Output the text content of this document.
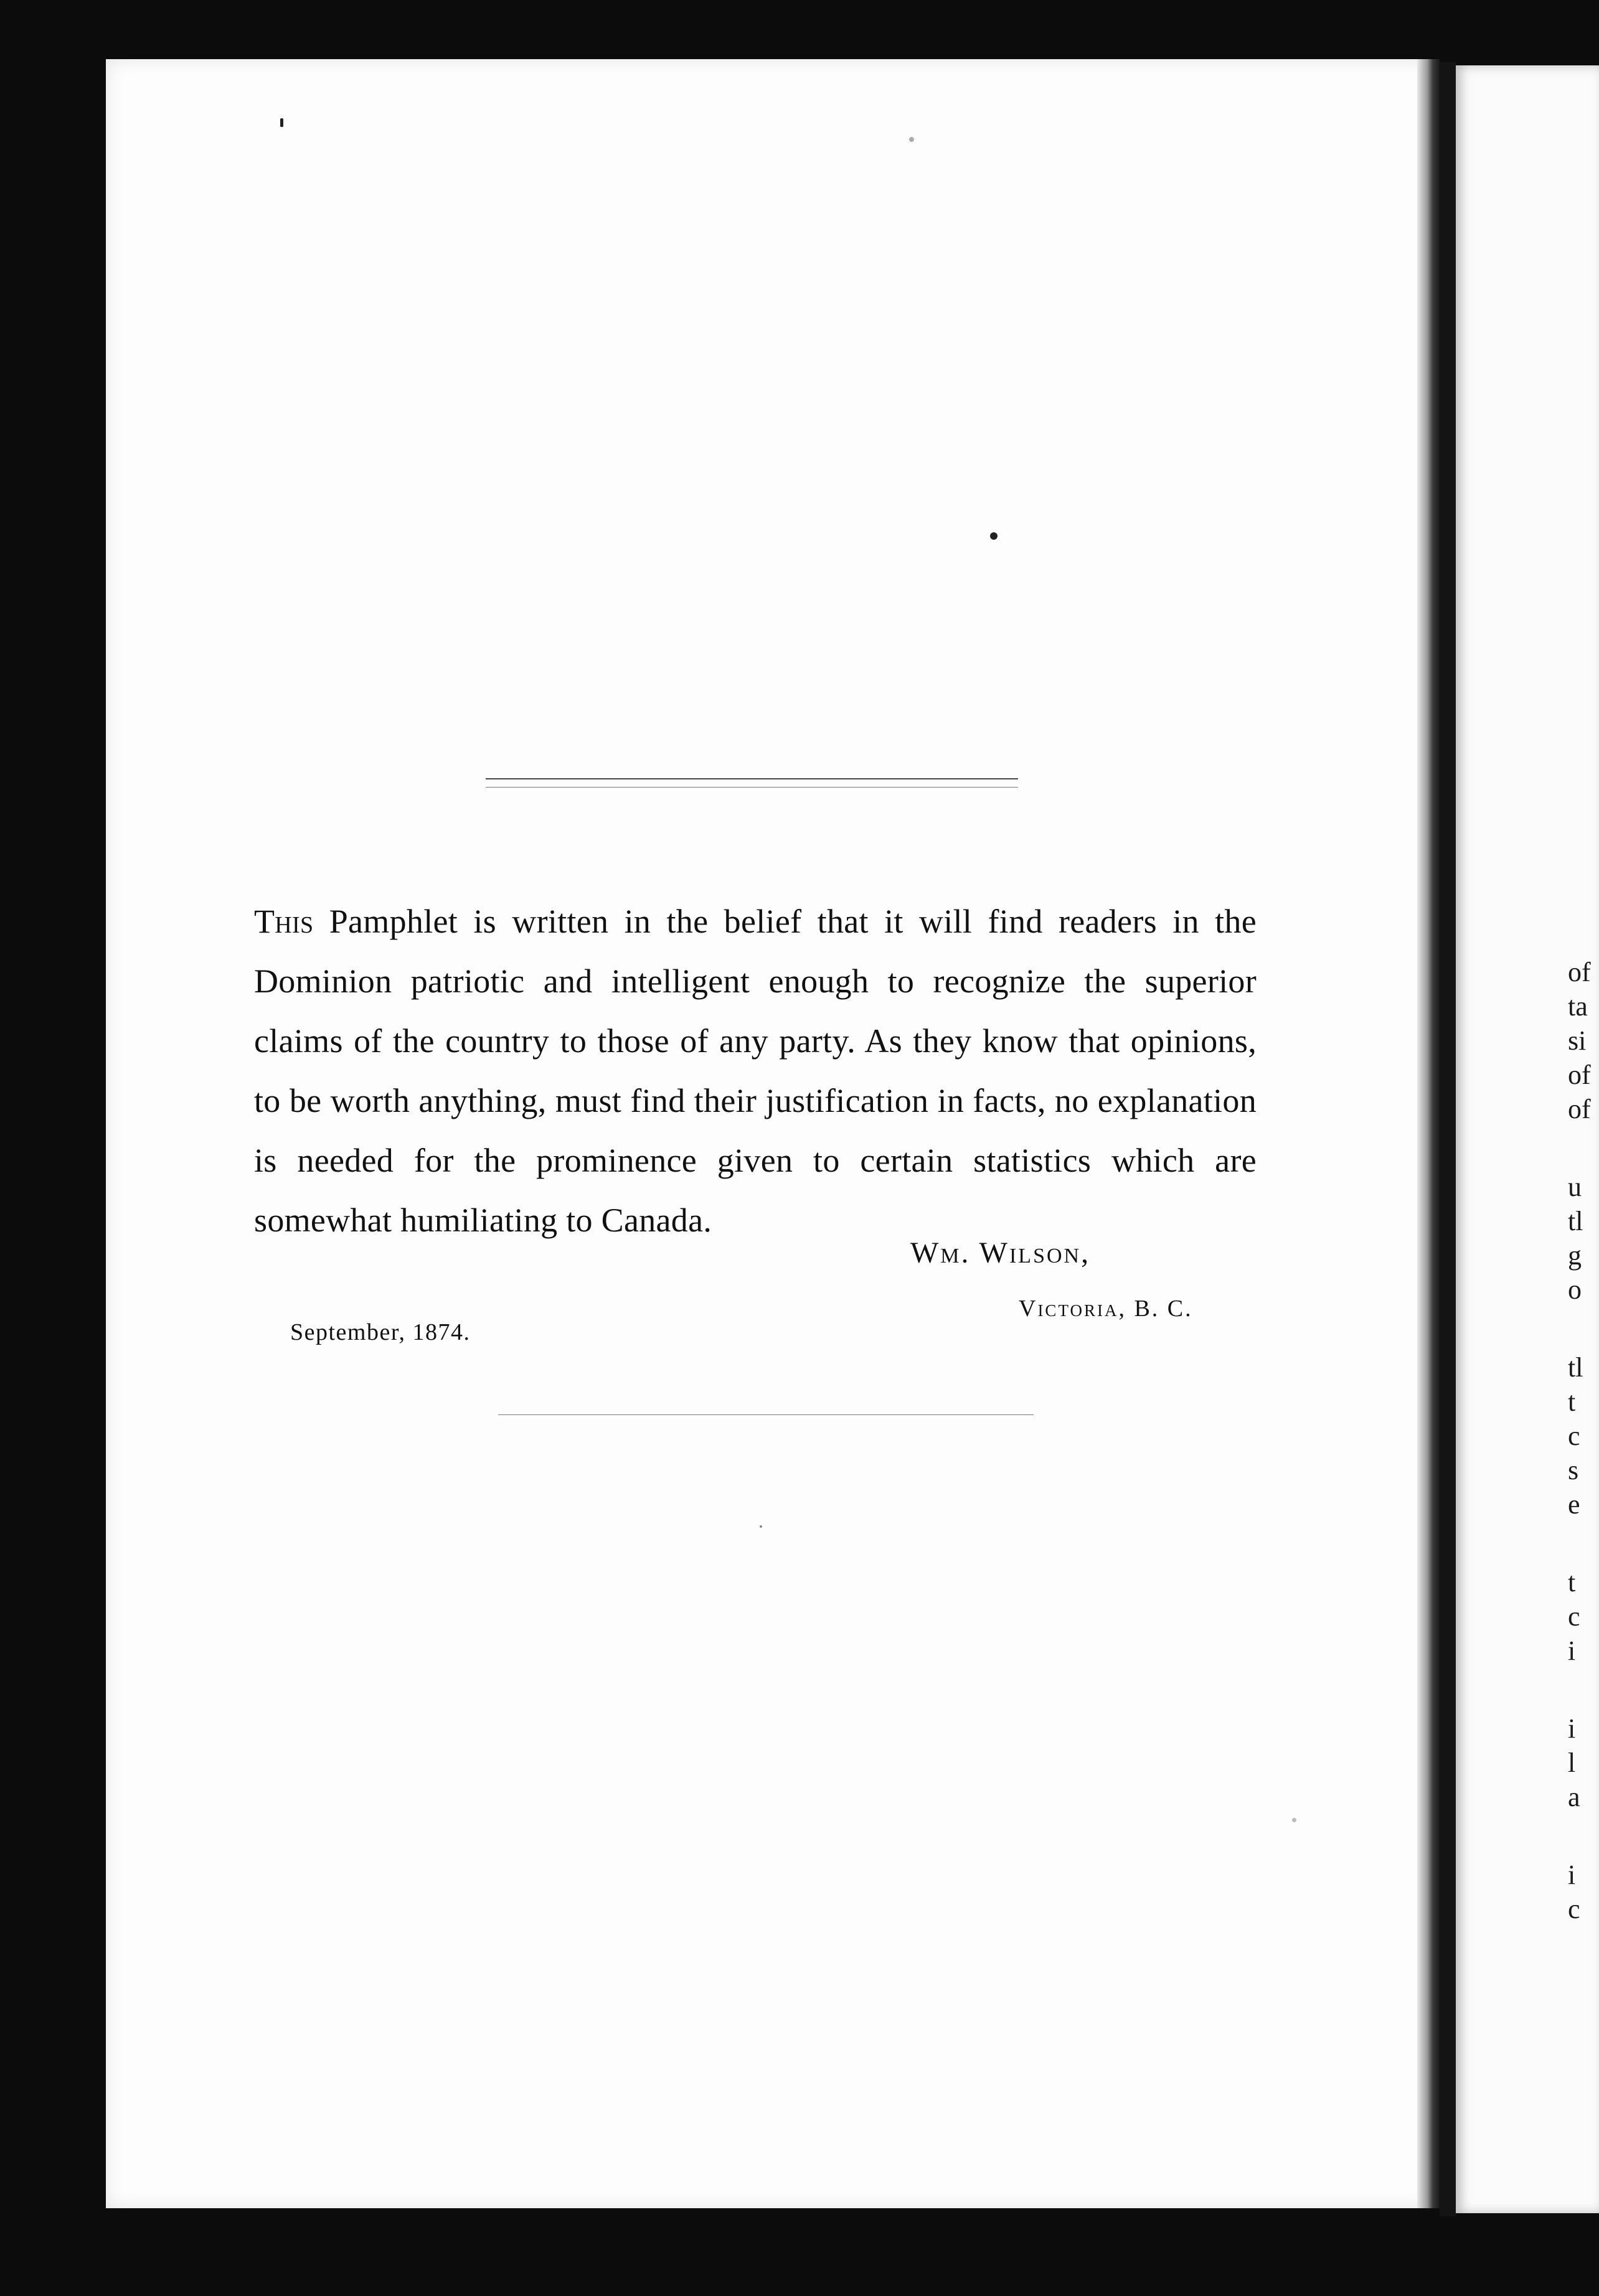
of
ta
si
of
of
u
tl
g
o
tl
t
c
s
e
t
c
i
i
l
a
i
c

This Pamphlet is written in the belief that it will find readers in the Dominion patriotic and intelligent enough to recognize the superior claims of the country to those of any party. As they know that opinions, to be worth anything, must find their justification in facts, no explanation is needed for the prominence given to certain statistics which are somewhat humiliating to Canada.

Wm. Wilson,
Victoria, B. C.
September, 1874.
